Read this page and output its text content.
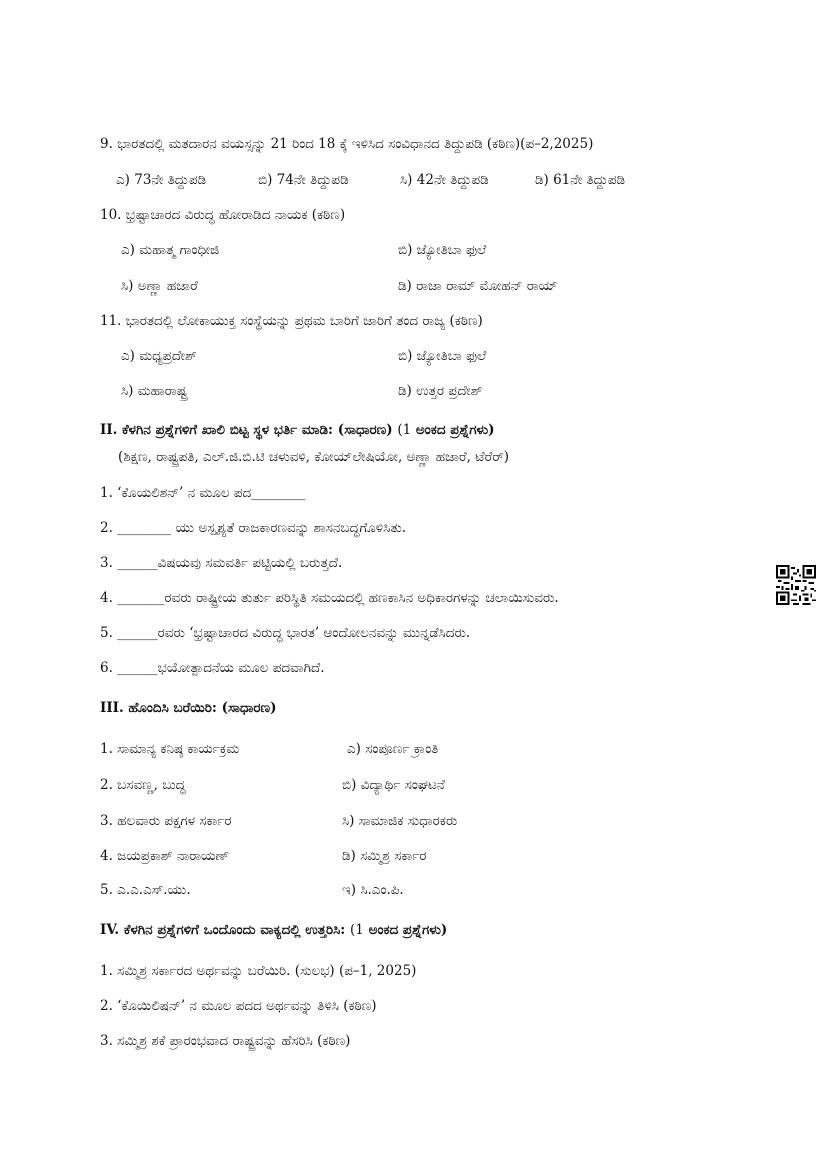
9. ಭಾರತದಲ್ಲಿ ಮತದಾರನ ವಯಸ್ಸನ್ನು 21 ರಿಂದ 18 ಕ್ಕೆ ಇಳಿಸಿದ ಸಂವಿಧಾನದ ತಿದ್ದುಪಡಿ (ಕಠಿಣ)(ಪ–2,2025)
ಎ) 73ನೇ ತಿದ್ದುಪಡಿ	ಬಿ) 74ನೇ ತಿದ್ದುಪಡಿ	ಸಿ) 42ನೇ ತಿದ್ದುಪಡಿ	ಡಿ) 61ನೇ ತಿದ್ದುಪಡಿ
10. ಭ್ರಷ್ಟಾಚಾರದ ವಿರುದ್ಧ ಹೋರಾಡಿದ ನಾಯಕ (ಕಠಿಣ)
ಎ) ಮಹಾತ್ಮ ಗಾಂಧೀಜಿ	ಬಿ) ಜ್ಯೋತಿಬಾ ಫುಲೆ
ಸಿ) ಅಣ್ಣಾ ಹಜಾರೆ	ಡಿ) ರಾಜಾ ರಾಮ್ ಮೋಹನ್ ರಾಯ್
11. ಭಾರತದಲ್ಲಿ ಲೋಕಾಯುಕ್ತ ಸಂಸ್ಥೆಯನ್ನು ಪ್ರಥಮ ಬಾರಿಗೆ ಜಾರಿಗೆ ತಂದ ರಾಜ್ಯ (ಕಠಿಣ)
ಎ) ಮಧ್ಯಪ್ರದೇಶ್	ಬಿ) ಜ್ಯೋತಿಬಾ ಫುಲೆ
ಸಿ) ಮಹಾರಾಷ್ಟ್ರ	ಡಿ) ಉತ್ತರ ಪ್ರದೇಶ್
II. ಕೆಳಗಿನ ಪ್ರಶ್ನೆಗಳಿಗೆ ಖಾಲಿ ಬಿಟ್ಟ ಸ್ಥಳ ಭರ್ತಿ ಮಾಡಿ: (ಸಾಧಾರಣ) (1 ಅಂಕದ ಪ್ರಶ್ನೆಗಳು)
(ಶಿಕ್ಷಣ, ರಾಷ್ಟ್ರಪತಿ, ಎಲ್.ಜಿ.ಬಿ.ಟಿ ಚಳುವಳಿ, ಕೋಯ್‌ಲೇಷಿಯೋ, ಅಣ್ಣಾ ಹಜಾರೆ, ಟೆರೆರ್)
1. ‘ಕೊಯಲಿಶನ್’ ನ ಮೂಲ ಪದ________
2. ________ ಯು ಅಸ್ಪೃಶ್ಯತೆ ರಾಜಕಾರಣವನ್ನು ಶಾಸನಬದ್ಧಗೊಳಿಸಿತು.
3. ______ವಿಷಯವು ಸಮವರ್ತಿ ಪಟ್ಟಿಯಲ್ಲಿ ಬರುತ್ತದೆ.
4. _______ರವರು ರಾಷ್ಟ್ರೀಯ ತುರ್ತು ಪರಿಸ್ಥಿತಿ ಸಮಯದಲ್ಲಿ ಹಣಕಾಸಿನ ಅಧಿಕಾರಗಳನ್ನು ಚಲಾಯಿಸುವರು.
5. ______ರವರು ‘ಭ್ರಷ್ಟಾಚಾರದ ವಿರುದ್ಧ ಭಾರತ’ ಆಂದೋಲನವನ್ನು ಮುನ್ನಡೆಸಿದರು.
6. ______ಭಯೋತ್ಪಾದನೆಯ ಮೂಲ ಪದವಾಗಿದೆ.
III. ಹೊಂದಿಸಿ ಬರೆಯಿರಿ: (ಸಾಧಾರಣ)
1. ಸಾಮಾನ್ಯ ಕನಿಷ್ಠ ಕಾರ್ಯಕ್ರಮ	ಎ) ಸಂಪೂರ್ಣ ಕ್ರಾಂತಿ
2. ಬಸವಣ್ಣ, ಬುದ್ಧ	ಬಿ) ವಿದ್ಯಾರ್ಥಿ ಸಂಘಟನೆ
3. ಹಲವಾರು ಪಕ್ಷಗಳ ಸರ್ಕಾರ	ಸಿ) ಸಾಮಾಜಿಕ ಸುಧಾರಕರು
4. ಜಯಪ್ರಕಾಶ್ ನಾರಾಯಣ್	ಡಿ) ಸಮ್ಮಿಶ್ರ ಸರ್ಕಾರ
5. ಎ.ಎ.ಎಸ್.ಯು.	ಇ) ಸಿ.ಎಂ.ಪಿ.
IV. ಕೆಳಗಿನ ಪ್ರಶ್ನೆಗಳಿಗೆ ಒಂದೊಂದು ವಾಕ್ಯದಲ್ಲಿ ಉತ್ತರಿಸಿ: (1 ಅಂಕದ ಪ್ರಶ್ನೆಗಳು)
1. ಸಮ್ಮಿಶ್ರ ಸರ್ಕಾರದ ಅರ್ಥವನ್ನು ಬರೆಯಿರಿ. (ಸುಲಭ) (ಪ–1, 2025)
2. ‘ಕೊಯಿಲಿಷನ್’ ನ ಮೂಲ ಪದದ ಅರ್ಥವನ್ನು ತಿಳಿಸಿ (ಕಠಿಣ)
3. ಸಮ್ಮಿಶ್ರ ಶಕೆ ಪ್ರಾರಂಭವಾದ ರಾಷ್ಟ್ರವನ್ನು ಹೆಸರಿಸಿ (ಕಠಿಣ)
